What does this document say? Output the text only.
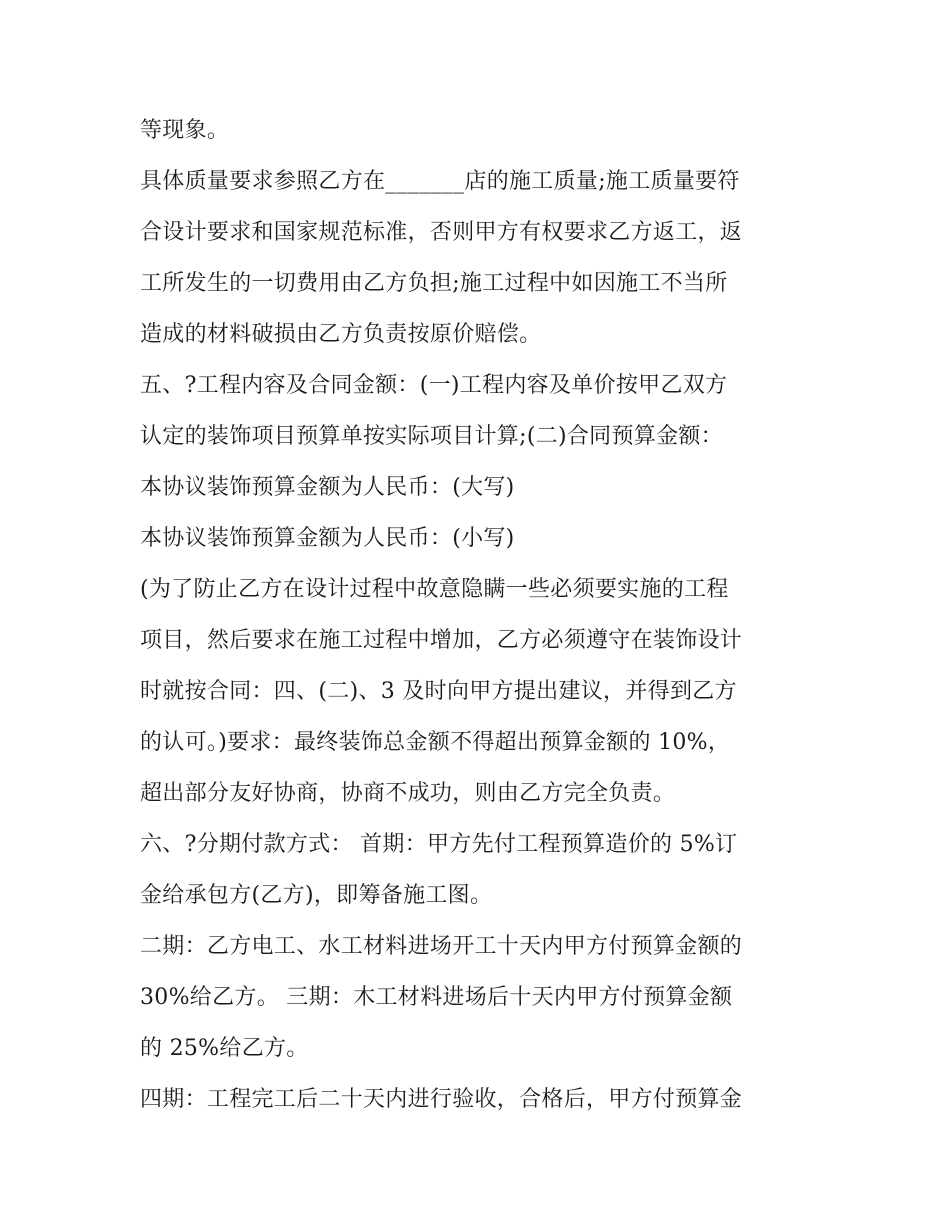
等现象。
具体质量要求参照乙方在_______店的施工质量;施工质量要符
合设计要求和国家规范标准，否则甲方有权要求乙方返工，返
工所发生的一切费用由乙方负担;施工过程中如因施工不当所
造成的材料破损由乙方负责按原价赔偿。
五、?工程内容及合同金额：(一)工程内容及单价按甲乙双方
认定的装饰项目预算单按实际项目计算;(二)合同预算金额：
本协议装饰预算金额为人民币：(大写)
本协议装饰预算金额为人民币：(小写)
(为了防止乙方在设计过程中故意隐瞒一些必须要实施的工程
项目，然后要求在施工过程中增加，乙方必须遵守在装饰设计
时就按合同：四、(二)、3 及时向甲方提出建议，并得到乙方
的认可。)要求：最终装饰总金额不得超出预算金额的 10%，
超出部分友好协商，协商不成功，则由乙方完全负责。
六、?分期付款方式： 首期：甲方先付工程预算造价的 5%订
金给承包方(乙方)，即筹备施工图。
二期：乙方电工、水工材料进场开工十天内甲方付预算金额的
30%给乙方。 三期：木工材料进场后十天内甲方付预算金额
的 25%给乙方。
四期：工程完工后二十天内进行验收，合格后，甲方付预算金
